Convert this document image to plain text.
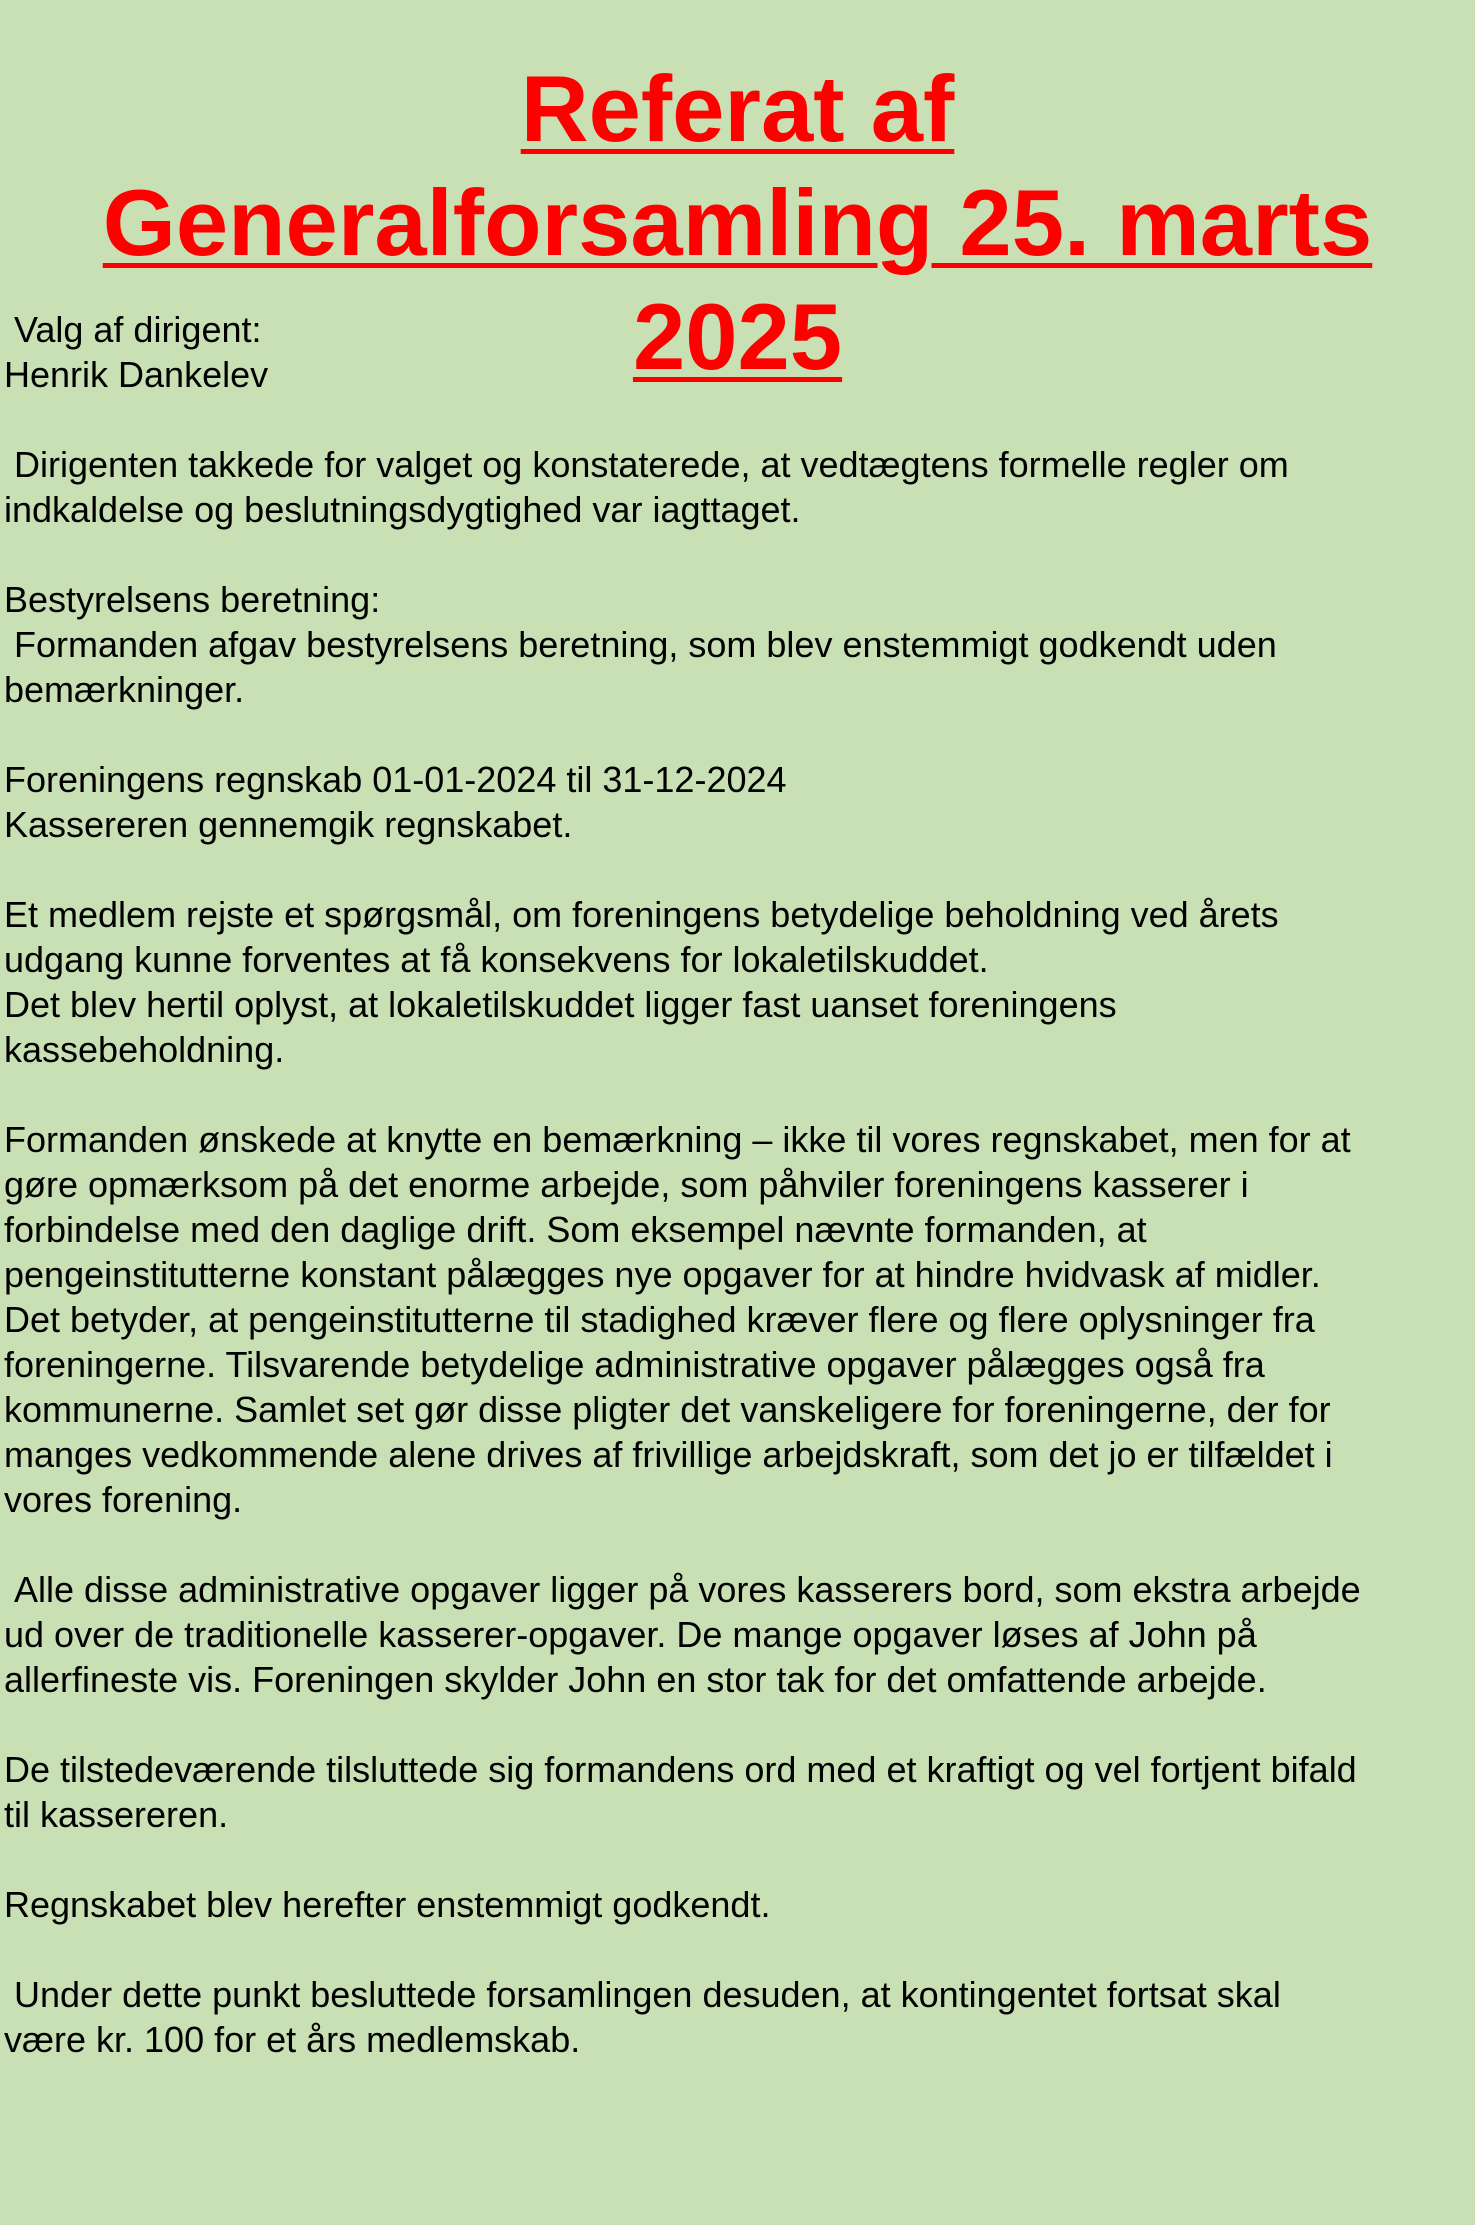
Referat af
Generalforsamling 25. marts
2025

Valg af dirigent:
Henrik Dankelev

Dirigenten takkede for valget og konstaterede, at vedtægtens formelle regler om
indkaldelse og beslutningsdygtighed var iagttaget.

Bestyrelsens beretning:
Formanden afgav bestyrelsens beretning, som blev enstemmigt godkendt uden
bemærkninger.

Foreningens regnskab 01-01-2024 til 31-12-2024
Kassereren gennemgik regnskabet.

Et medlem rejste et spørgsmål, om foreningens betydelige beholdning ved årets
udgang kunne forventes at få konsekvens for lokaletilskuddet.
Det blev hertil oplyst, at lokaletilskuddet ligger fast uanset foreningens
kassebeholdning.

Formanden ønskede at knytte en bemærkning – ikke til vores regnskabet, men for at
gøre opmærksom på det enorme arbejde, som påhviler foreningens kasserer i
forbindelse med den daglige drift. Som eksempel nævnte formanden, at
pengeinstitutterne konstant pålægges nye opgaver for at hindre hvidvask af midler.
Det betyder, at pengeinstitutterne til stadighed kræver flere og flere oplysninger fra
foreningerne. Tilsvarende betydelige administrative opgaver pålægges også fra
kommunerne. Samlet set gør disse pligter det vanskeligere for foreningerne, der for
manges vedkommende alene drives af frivillige arbejdskraft, som det jo er tilfældet i
vores forening.

Alle disse administrative opgaver ligger på vores kasserers bord, som ekstra arbejde
ud over de traditionelle kasserer-opgaver. De mange opgaver løses af John på
allerfineste vis. Foreningen skylder John en stor tak for det omfattende arbejde.

De tilstedeværende tilsluttede sig formandens ord med et kraftigt og vel fortjent bifald
til kassereren.

Regnskabet blev herefter enstemmigt godkendt.

Under dette punkt besluttede forsamlingen desuden, at kontingentet fortsat skal
være kr. 100 for et års medlemskab.
